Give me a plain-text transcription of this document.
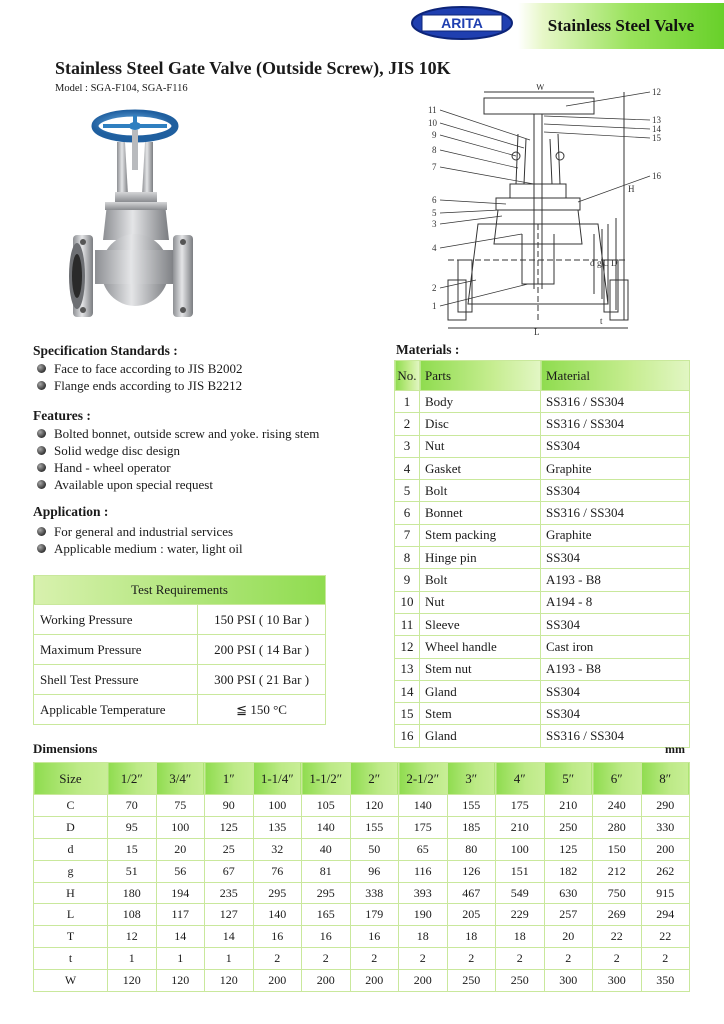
ARITA	Stainless Steel Valve
Stainless Steel Gate Valve (Outside Screw), JIS 10K
Model : SGA-F104, SGA-F116	W
L
H
d g C D
t
11
10
9
8
7
6
5
3
4
2
1
12
13
14
15
16
Specification Standards :
Face to face according to JIS B2002
Flange ends according to JIS B2212
Features :
Bolted bonnet, outside screw and yoke. rising stem
Solid wedge disc design
Hand - wheel operator
Available upon special request
Application :
For general and industrial services
Applicable medium : water, light oil
Test Requirements	
Working Pressure	150 PSI ( 10 Bar )
Maximum Pressure	200 PSI ( 14 Bar )
Shell Test Pressure	300 PSI ( 21 Bar )
Applicable Temperature	≦ 150 °C
Materials :
No.	Parts	Material
1	Body	SS316 / SS304
2	Disc	SS316 / SS304
3	Nut	SS304
4	Gasket	Graphite
5	Bolt	SS304
6	Bonnet	SS316 / SS304
7	Stem packing	Graphite
8	Hinge pin	SS304
9	Bolt	A193 - B8
10	Nut	A194 - 8
11	Sleeve	SS304
12	Wheel handle	Cast iron
13	Stem nut	A193 - B8
14	Gland	SS304
15	Stem	SS304
16	Gland	SS316 / SS304
Dimensions	mm
Size	1/2″	3/4″	1″	1-1/4″	1-1/2″	2″	2-1/2″	3″	4″	5″	6″	8″
C	70	75	90	100	105	120	140	155	175	210	240	290
D	95	100	125	135	140	155	175	185	210	250	280	330
d	15	20	25	32	40	50	65	80	100	125	150	200
g	51	56	67	76	81	96	116	126	151	182	212	262
H	180	194	235	295	295	338	393	467	549	630	750	915
L	108	117	127	140	165	179	190	205	229	257	269	294
T	12	14	14	16	16	16	18	18	18	20	22	22
t	1	1	1	2	2	2	2	2	2	2	2	2
W	120	120	120	200	200	200	200	250	250	300	300	350
